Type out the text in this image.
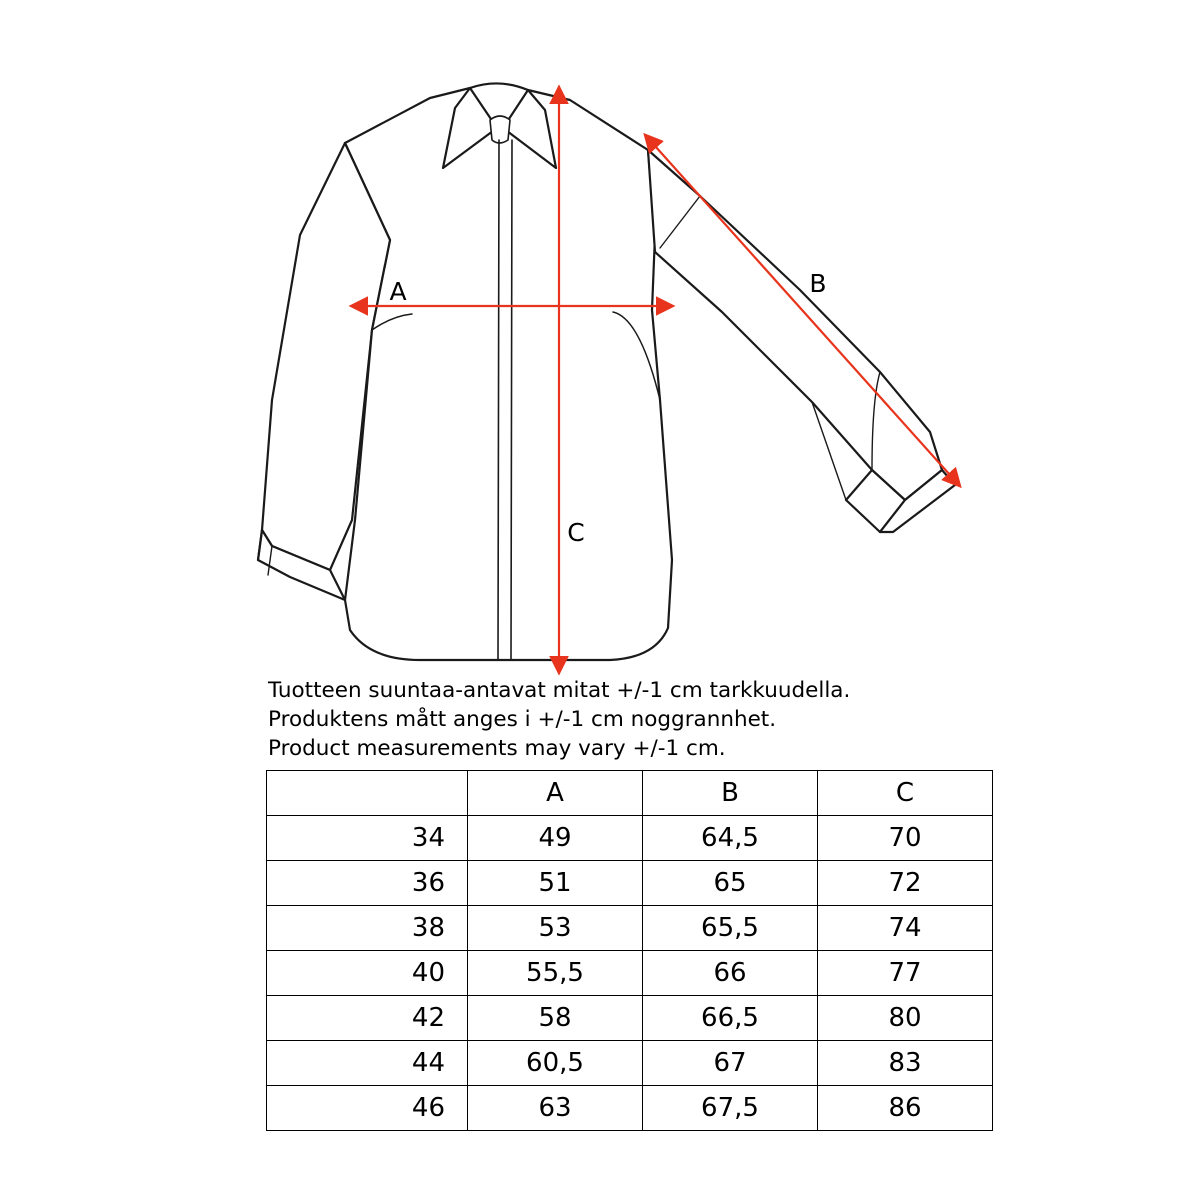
A	B
C
Tuotteen suuntaa-antavat mitat +/-1 cm tarkkuudella.
Produktens mått anges i +/-1 cm noggrannhet.
Product measurements may vary +/-1 cm.
	A	B	C
34	49	64,5	70
36	51	65	72
38	53	65,5	74
40	55,5	66	77
42	58	66,5	80
44	60,5	67	83
46	63	67,5	86
